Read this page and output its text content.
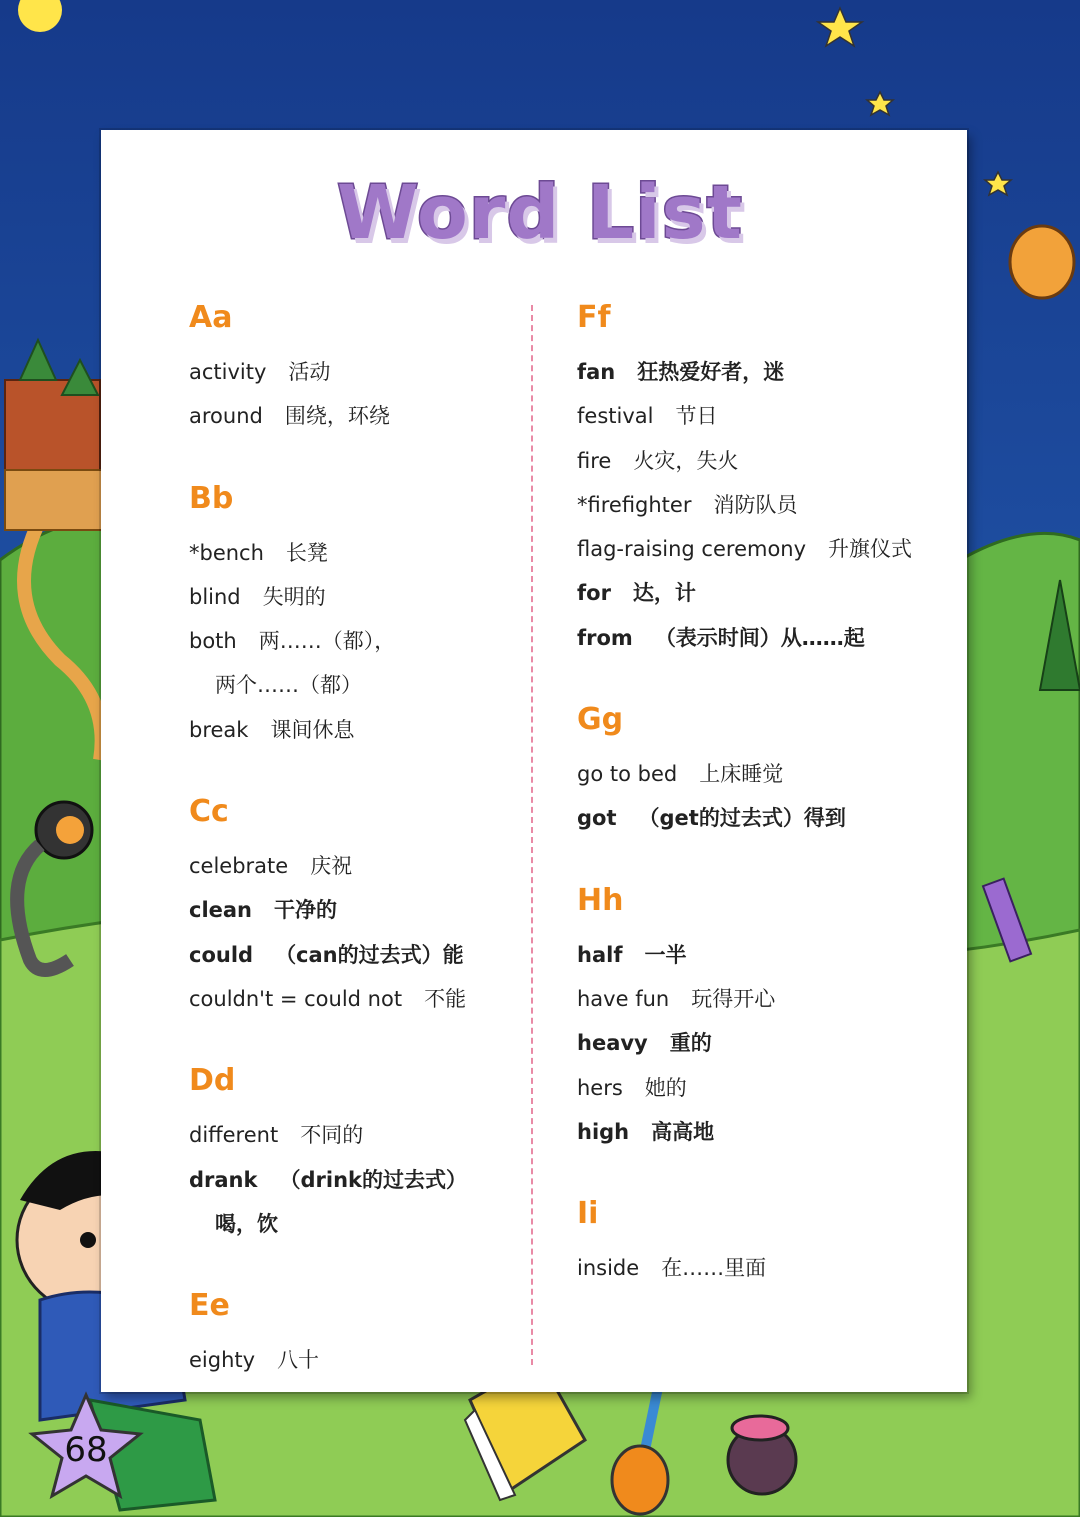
Word List
Aa
activity 活动
around 围绕，环绕
Bb
*bench 长凳
blind 失明的
both 两……（都），
两个……（都）
break 课间休息
Cc
celebrate 庆祝
clean 干净的
could （can的过去式）能
couldn't = could not 不能
Dd
different 不同的
drank （drink的过去式）
喝，饮
Ee
eighty 八十
Ff
fan 狂热爱好者，迷
festival 节日
fire 火灾，失火
*firefighter 消防队员
flag-raising ceremony 升旗仪式
for 达，计
from （表示时间）从……起
Gg
go to bed 上床睡觉
got （get的过去式）得到
Hh
half 一半
have fun 玩得开心
heavy 重的
hers 她的
high 高高地
Ii
inside 在……里面
68
